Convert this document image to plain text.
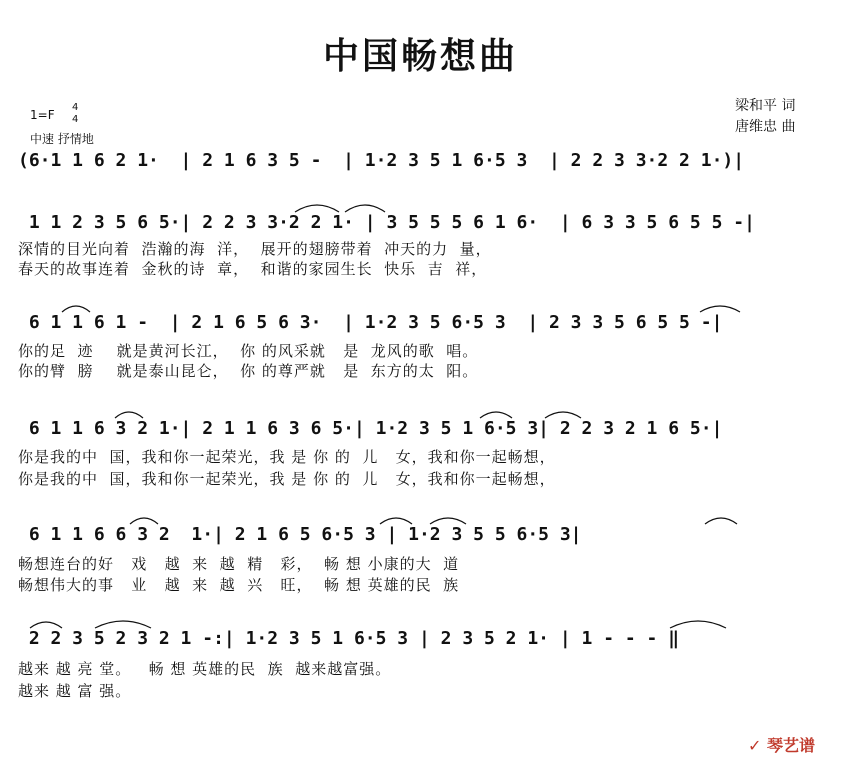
中国畅想曲
1=F
4
4
中速 抒情地
梁和平 词
唐维忠 曲
(6·1 1 6 2 1·  | 2 1 6 3 5 -  | 1·2 3 5 1 6·5 3  | 2 2 3 3·2 2 1·)|
1 1 2 3 5 6 5·| 2 2 3 3·2 2 1· | 3 5 5 5 6 1 6·  | 6 3 3 5 6 5 5 -|
深情的目光向着  浩瀚的海  洋，  展开的翅膀带着  冲天的力  量，
春天的故事连着  金秋的诗  章，  和谐的家园生长  快乐  吉  祥，
6 1 1 6 1 -  | 2 1 6 5 6 3·  | 1·2 3 5 6·5 3  | 2 3 3 5 6 5 5 -|
你的足  迹    就是黄河长江，  你 的风采就   是  龙风的歌  唱。
你的臂  膀    就是泰山昆仑，  你 的尊严就   是  东方的太  阳。
6 1 1 6 3 2 1·| 2 1 1 6 3 6 5·| 1·2 3 5 1 6·5 3| 2 2 3 2 1 6 5·|
你是我的中  国，我和你一起荣光，我 是 你 的  儿   女，我和你一起畅想，
你是我的中  国，我和你一起荣光，我 是 你 的  儿   女，我和你一起畅想，
6 1 1 6 6 3 2  1·| 2 1 6 5 6·5 3 | 1·2 3 5 5 6·5 3|
畅想连台的好   戏   越  来  越  精   彩，  畅 想 小康的大  道
畅想伟大的事   业   越  来  越  兴   旺，  畅 想 英雄的民  族
2 2 3 5 2 3 2 1 -:| 1·2 3 5 1 6·5 3 | 2 3 5 2 1· | 1 - - - ‖
越来 越 亮 堂。   畅 想 英雄的民  族  越来越富强。
越来 越 富 强。
✓ 琴艺谱
